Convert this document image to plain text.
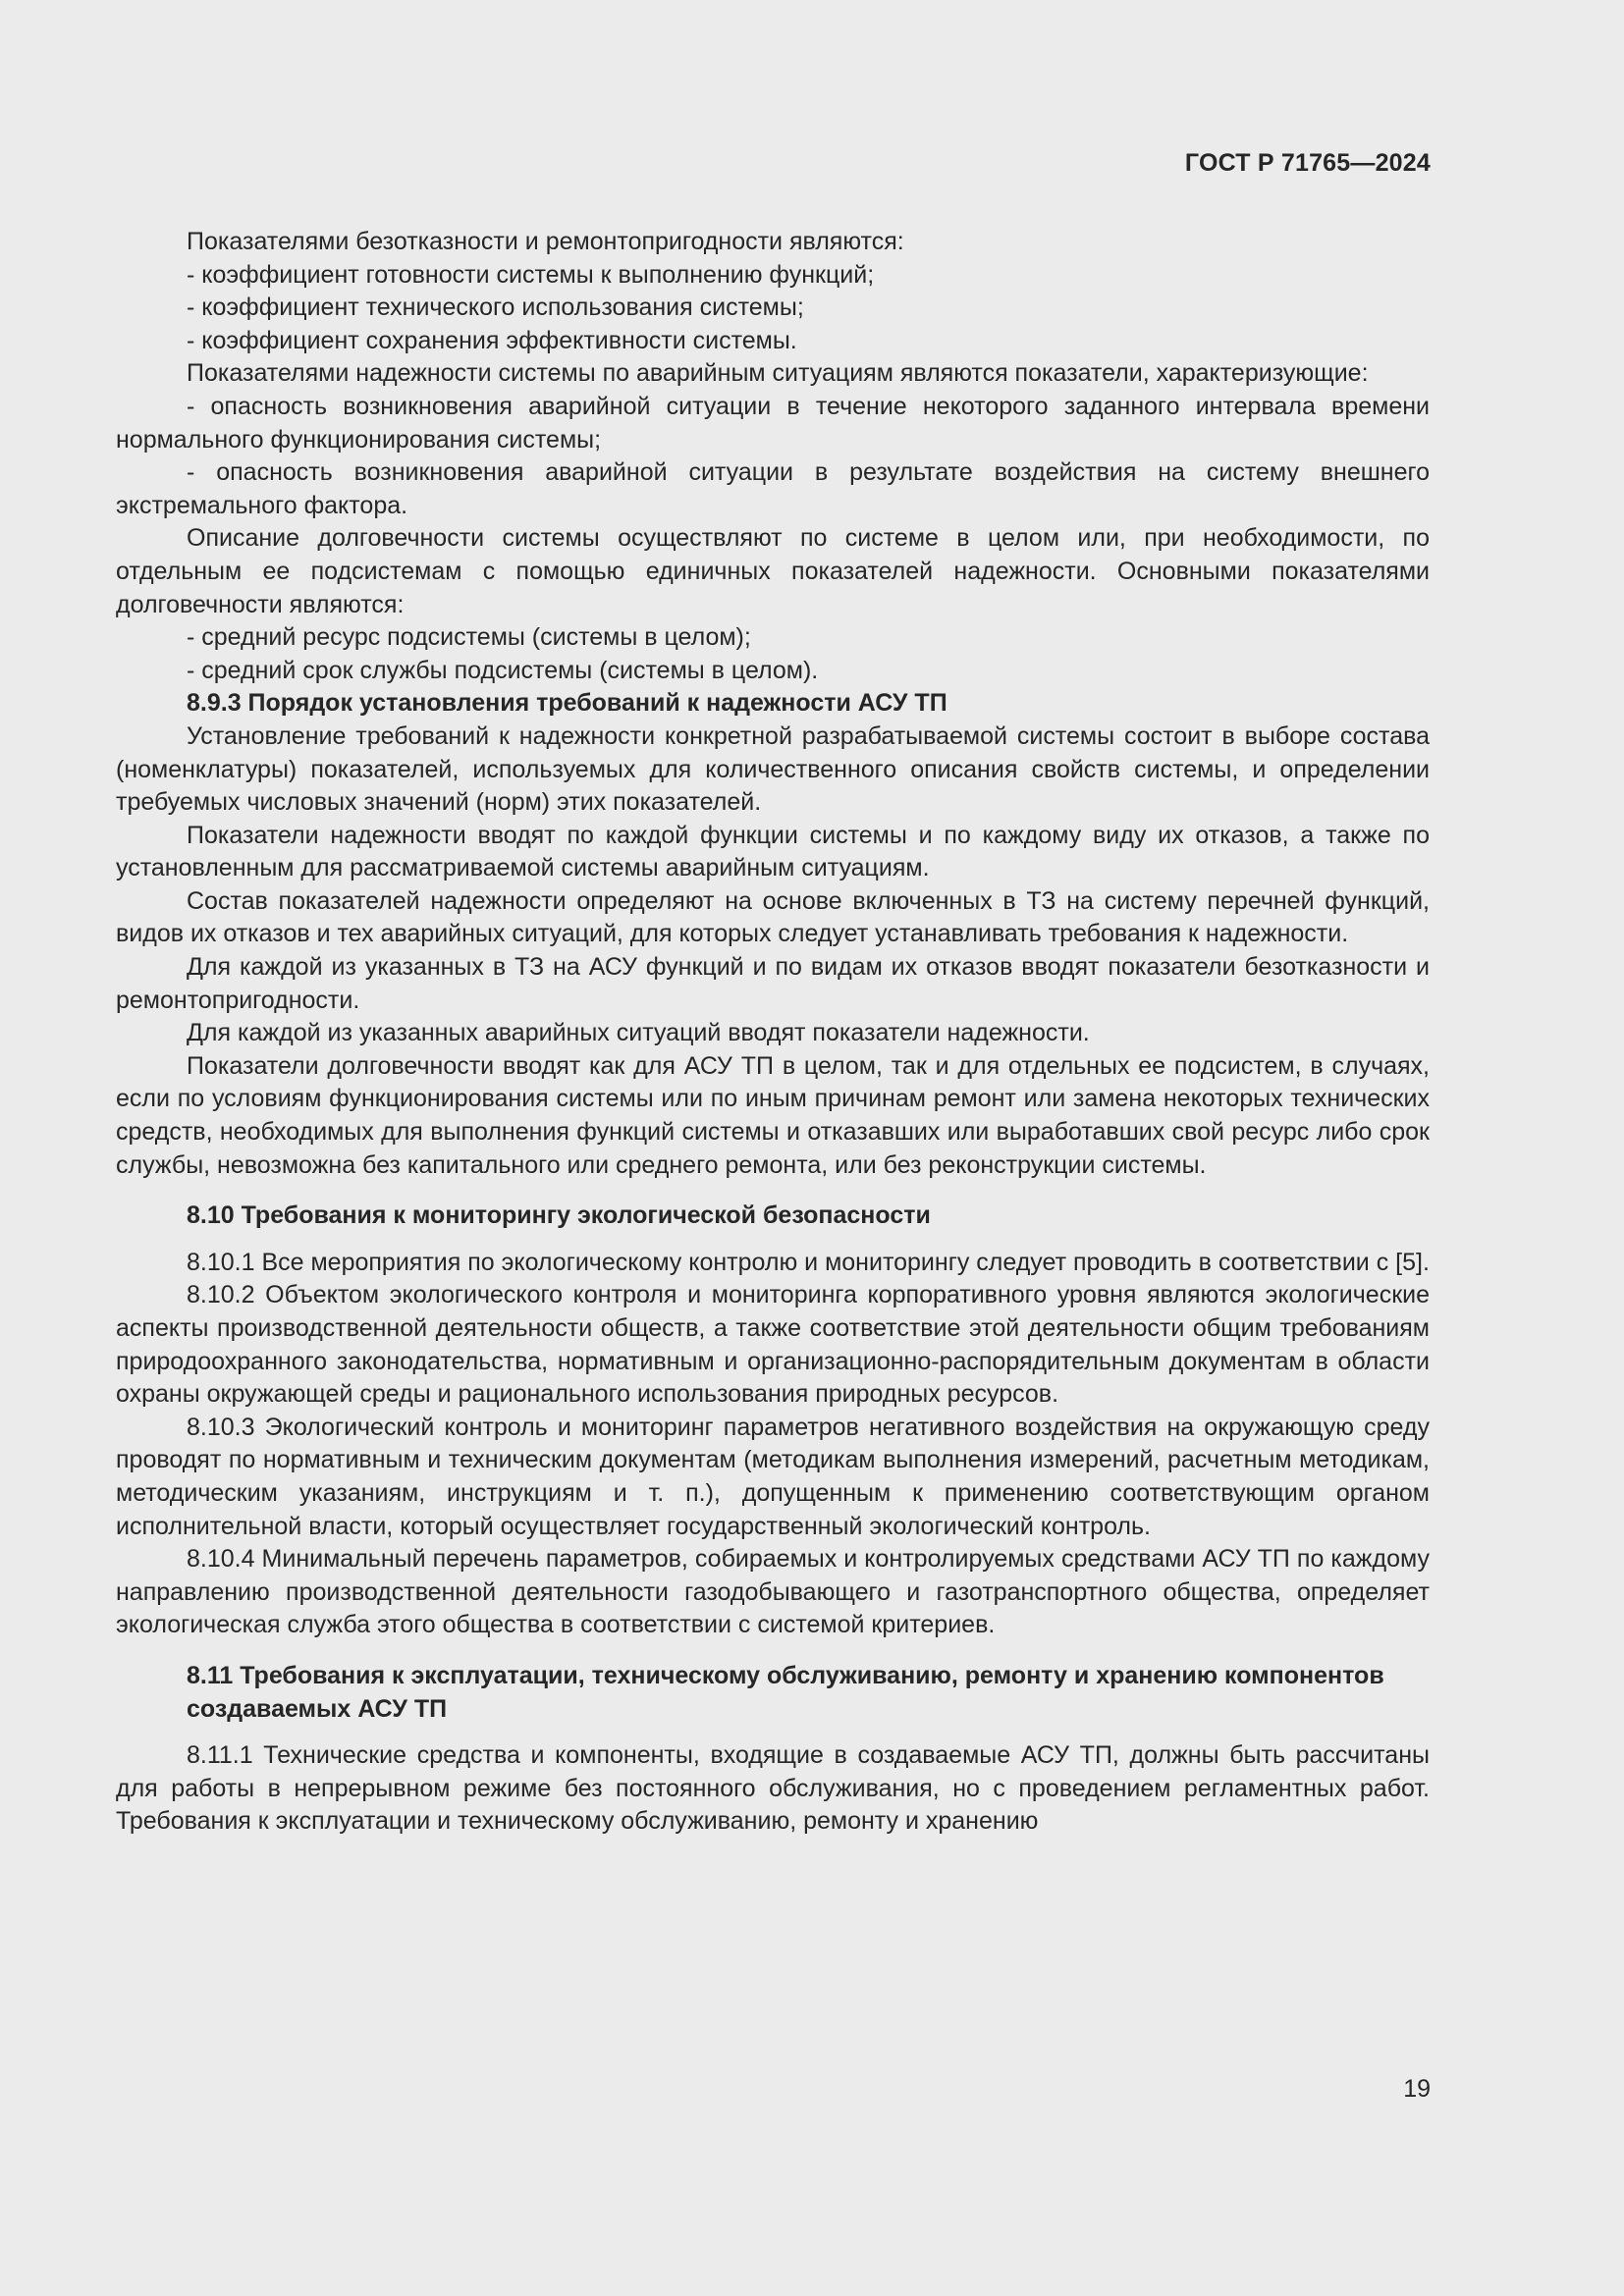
ГОСТ Р 71765—2024
Показателями безотказности и ремонтопригодности являются:
- коэффициент готовности системы к выполнению функций;
- коэффициент технического использования системы;
- коэффициент сохранения эффективности системы.
Показателями надежности системы по аварийным ситуациям являются показатели, характеризующие:
- опасность возникновения аварийной ситуации в течение некоторого заданного интервала времени нормального функционирования системы;
- опасность возникновения аварийной ситуации в результате воздействия на систему внешнего экстремального фактора.
Описание долговечности системы осуществляют по системе в целом или, при необходимости, по отдельным ее подсистемам с помощью единичных показателей надежности. Основными показателями долговечности являются:
- средний ресурс подсистемы (системы в целом);
- средний срок службы подсистемы (системы в целом).
8.9.3 Порядок установления требований к надежности АСУ ТП
Установление требований к надежности конкретной разрабатываемой системы состоит в выборе состава (номенклатуры) показателей, используемых для количественного описания свойств системы, и определении требуемых числовых значений (норм) этих показателей.
Показатели надежности вводят по каждой функции системы и по каждому виду их отказов, а также по установленным для рассматриваемой системы аварийным ситуациям.
Состав показателей надежности определяют на основе включенных в ТЗ на систему перечней функций, видов их отказов и тех аварийных ситуаций, для которых следует устанавливать требования к надежности.
Для каждой из указанных в ТЗ на АСУ функций и по видам их отказов вводят показатели безотказности и ремонтопригодности.
Для каждой из указанных аварийных ситуаций вводят показатели надежности.
Показатели долговечности вводят как для АСУ ТП в целом, так и для отдельных ее подсистем, в случаях, если по условиям функционирования системы или по иным причинам ремонт или замена некоторых технических средств, необходимых для выполнения функций системы и отказавших или выработавших свой ресурс либо срок службы, невозможна без капитального или среднего ремонта, или без реконструкции системы.
8.10 Требования к мониторингу экологической безопасности
8.10.1 Все мероприятия по экологическому контролю и мониторингу следует проводить в соответствии с [5].
8.10.2 Объектом экологического контроля и мониторинга корпоративного уровня являются экологические аспекты производственной деятельности обществ, а также соответствие этой деятельности общим требованиям природоохранного законодательства, нормативным и организационно-распорядительным документам в области охраны окружающей среды и рационального использования природных ресурсов.
8.10.3 Экологический контроль и мониторинг параметров негативного воздействия на окружающую среду проводят по нормативным и техническим документам (методикам выполнения измерений, расчетным методикам, методическим указаниям, инструкциям и т. п.), допущенным к применению соответствующим органом исполнительной власти, который осуществляет государственный экологический контроль.
8.10.4 Минимальный перечень параметров, собираемых и контролируемых средствами АСУ ТП по каждому направлению производственной деятельности газодобывающего и газотранспортного общества, определяет экологическая служба этого общества в соответствии с системой критериев.
8.11 Требования к эксплуатации, техническому обслуживанию, ремонту и хранению компонентов создаваемых АСУ ТП
8.11.1 Технические средства и компоненты, входящие в создаваемые АСУ ТП, должны быть рассчитаны для работы в непрерывном режиме без постоянного обслуживания, но с проведением регламентных работ. Требования к эксплуатации и техническому обслуживанию, ремонту и хранению
19
